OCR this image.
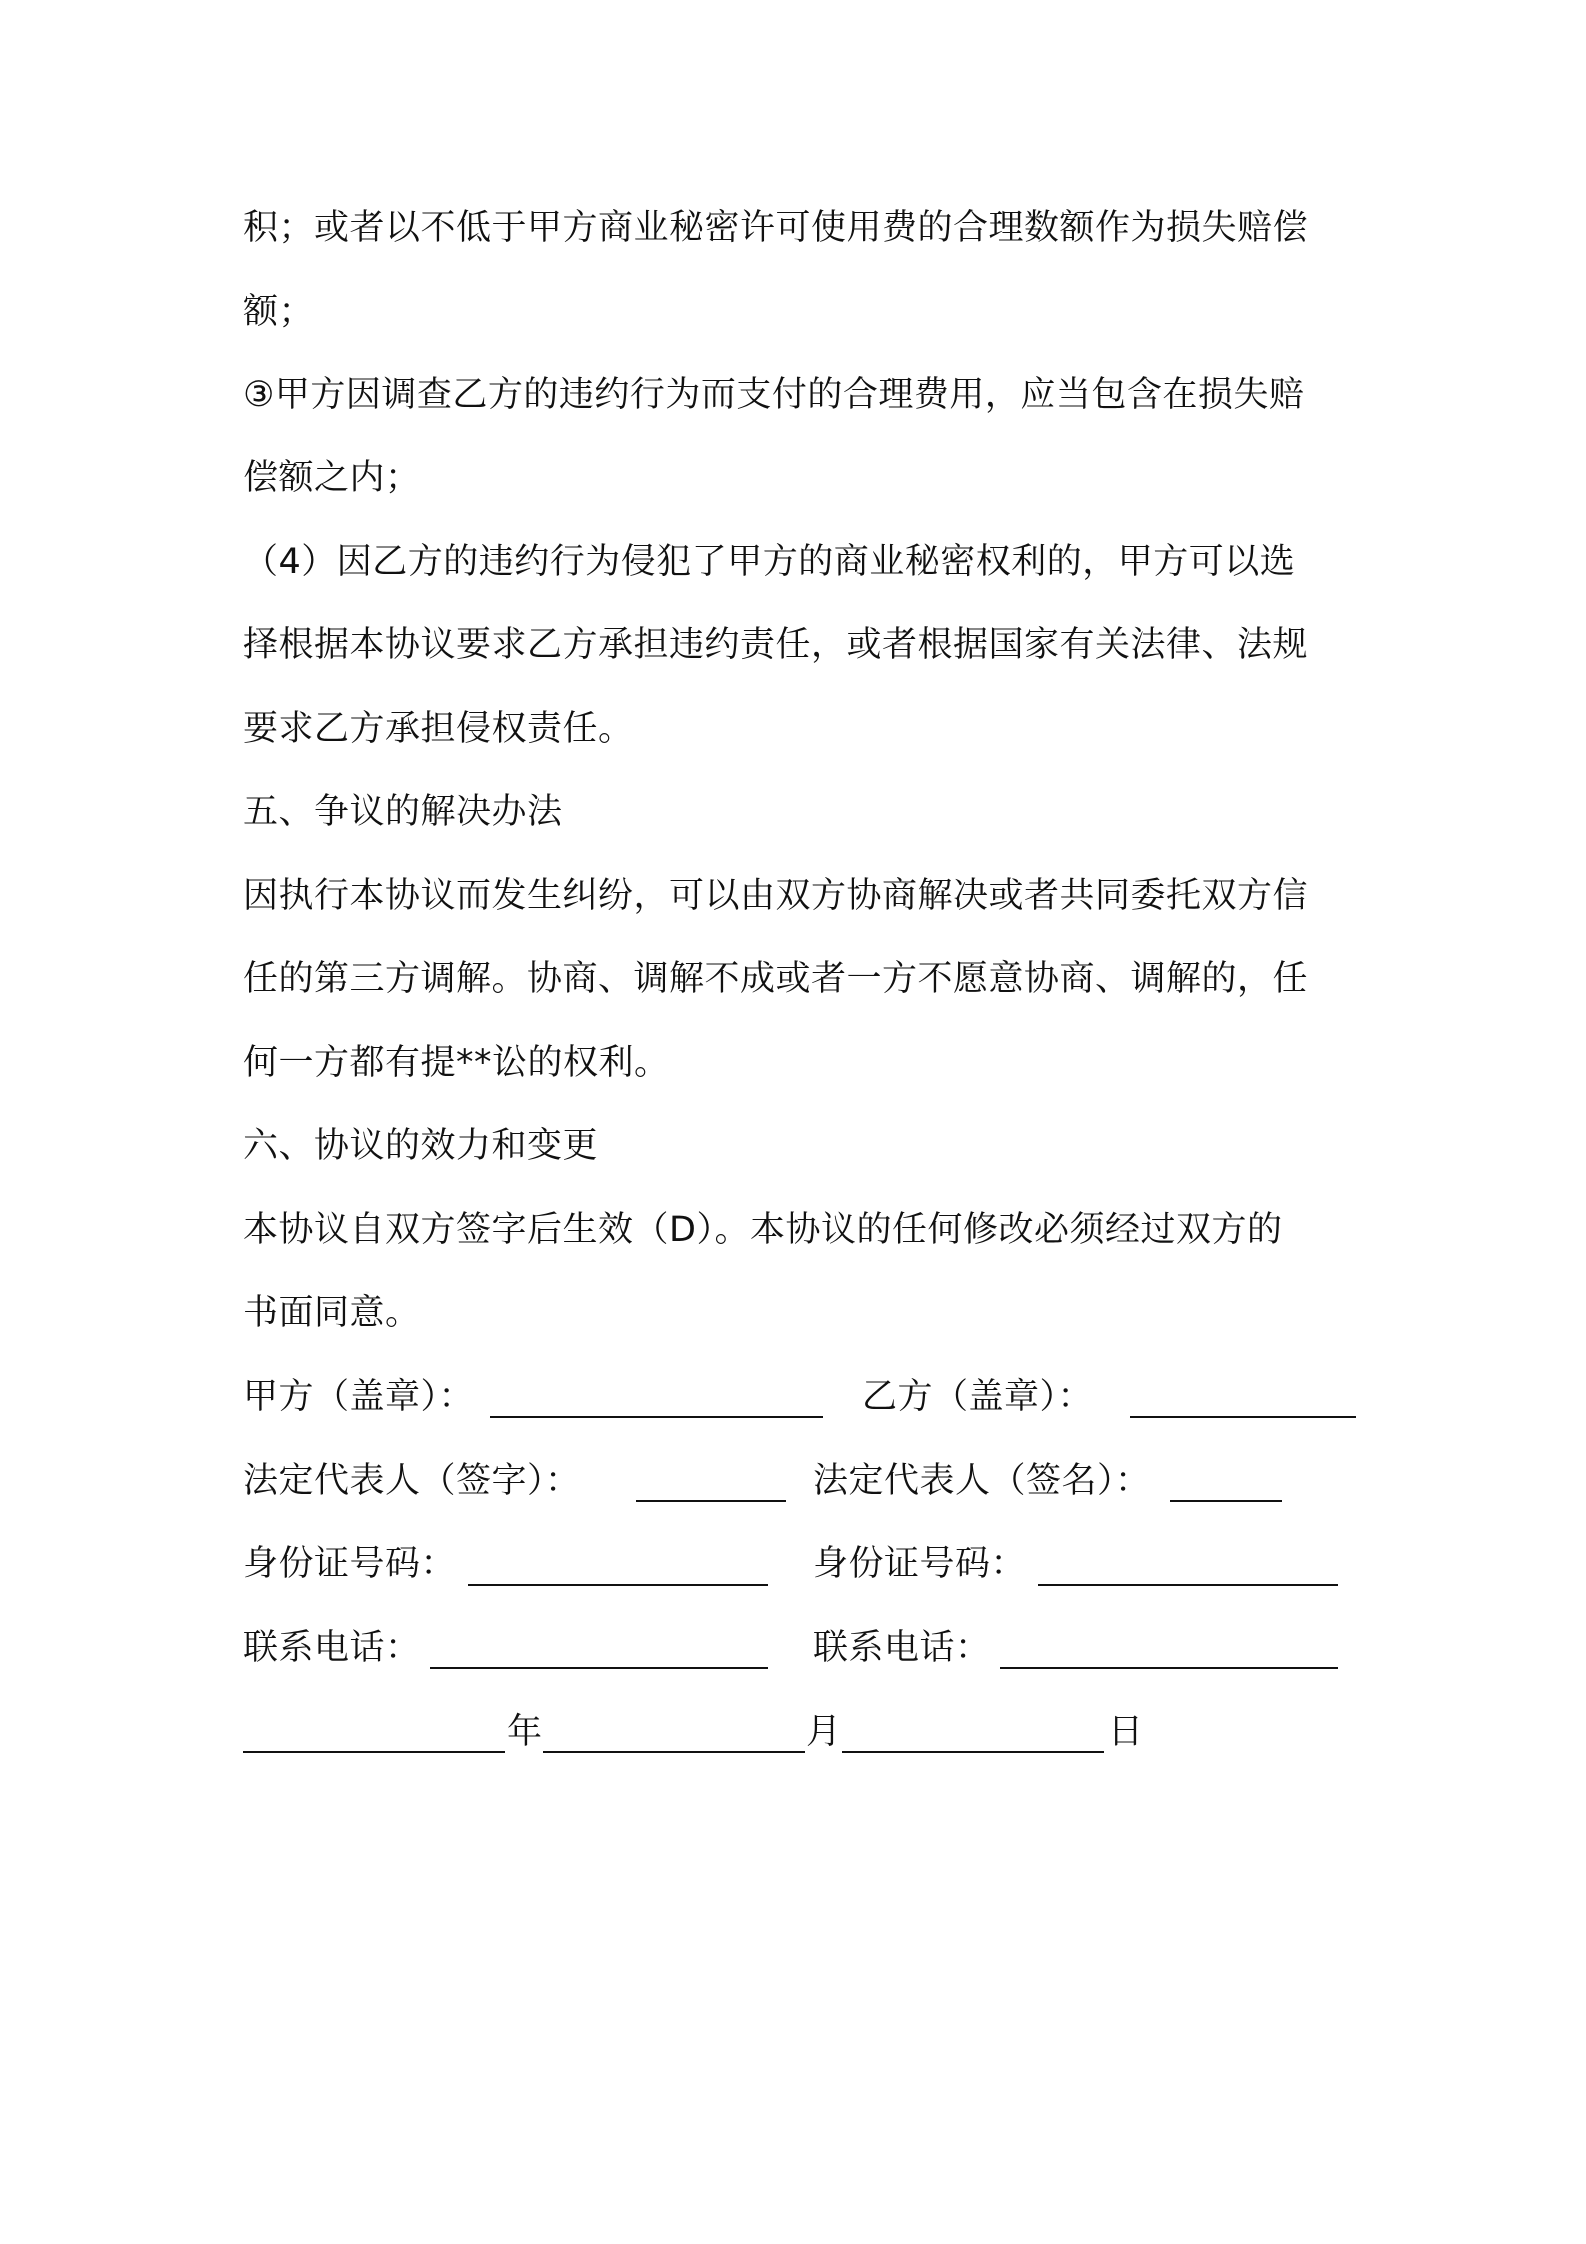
积；或者以不低于甲方商业秘密许可使用费的合理数额作为损失赔偿
额；
③甲方因调查乙方的违约行为而支付的合理费用，应当包含在损失赔
偿额之内；
（4）因乙方的违约行为侵犯了甲方的商业秘密权利的，甲方可以选
择根据本协议要求乙方承担违约责任，或者根据国家有关法律、法规
要求乙方承担侵权责任。
五、争议的解决办法
因执行本协议而发生纠纷，可以由双方协商解决或者共同委托双方信
任的第三方调解。协商、调解不成或者一方不愿意协商、调解的，任
何一方都有提**讼的权利。
六、协议的效力和变更
本协议自双方签字后生效（D）。本协议的任何修改必须经过双方的
书面同意。
甲方（盖章）：	乙方（盖章）：
法定代表人（签字）：	法定代表人（签名）：
身份证号码：	身份证号码：
联系电话：	联系电话：
年	月	日
